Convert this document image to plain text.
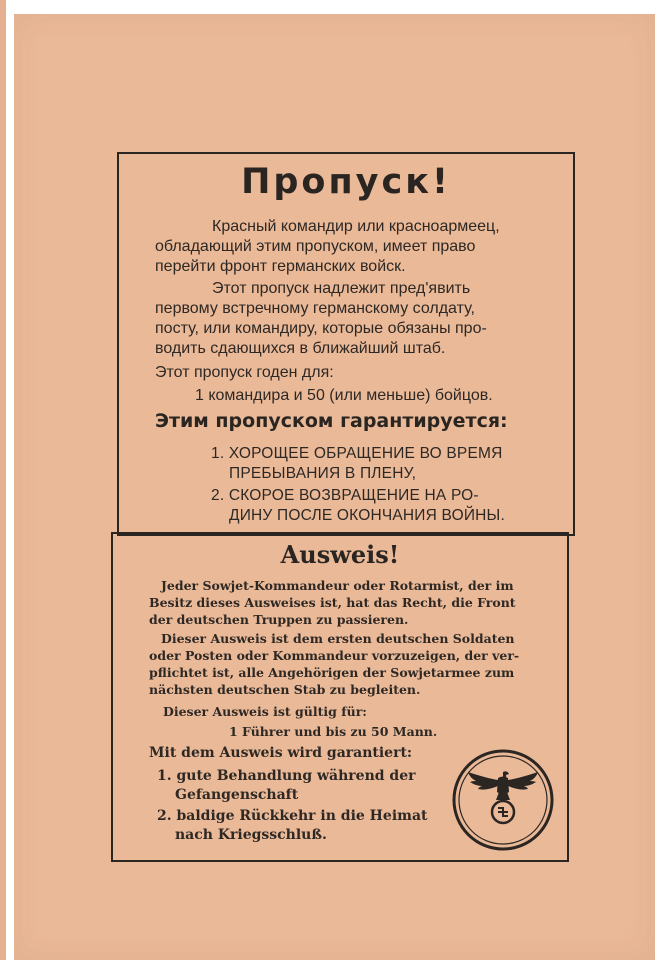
Пропуск!
Красный командир или красноармеец,
обладающий этим пропуском, имеет право
перейти фронт германских войск.
Этот пропуск надлежит пред'явить
первому встречному германскому солдату,
посту, или командиру, которые обязаны про-
водить сдающихся в ближайший штаб.
Этот пропуск годен для:
1 командира и 50 (или меньше) бойцов.
Этим пропуском гарантируется:
1. ХОРОЩЕЕ ОБРАЩЕНИЕ ВО ВРЕМЯ
ПРЕБЫВАНИЯ В ПЛЕНУ,
2. СКОРОЕ ВОЗВРАЩЕНИЕ НА РО-
ДИНУ ПОСЛЕ ОКОНЧАНИЯ ВОЙНЫ.
Ausweis!
Jeder Sowjet-Kommandeur oder Rotarmist, der im
Besitz dieses Ausweises ist, hat das Recht, die Front
der deutschen Truppen zu passieren.
Dieser Ausweis ist dem ersten deutschen Soldaten
oder Posten oder Kommandeur vorzuzeigen, der ver-
pflichtet ist, alle Angehörigen der Sowjetarmee zum
nächsten deutschen Stab zu begleiten.
Dieser Ausweis ist gültig für:
1 Führer und bis zu 50 Mann.
Mit dem Ausweis wird garantiert:
1. gute Behandlung während der
Gefangenschaft
2. baldige Rückkehr in die Heimat
nach Kriegsschluß.
